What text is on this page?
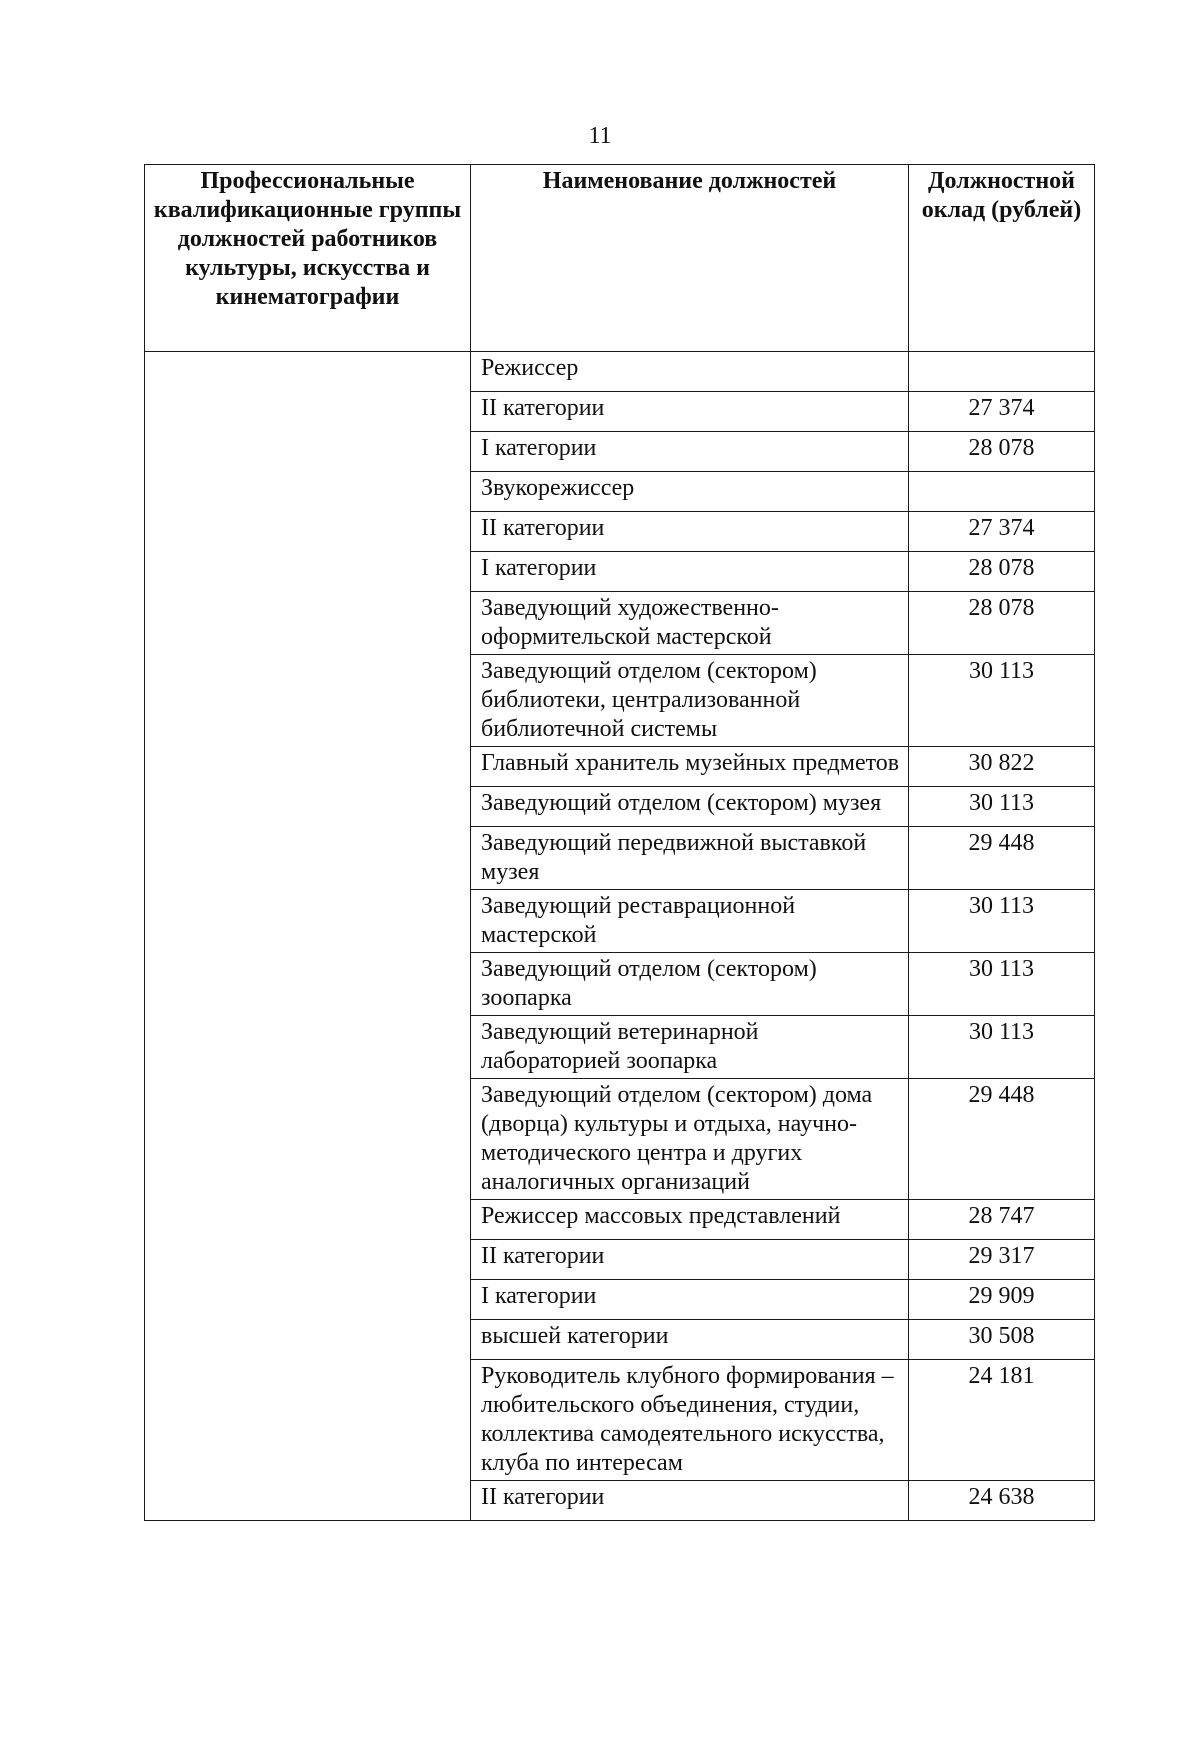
11
Профессиональные квалификационные группы должностей работников культуры, искусства и кинематографии	Наименование должностей	Должностной оклад (рублей)
	Режиссер	
	II категории	27 374
	I категории	28 078
	Звукорежиссер	
	II категории	27 374
	I категории	28 078
	Заведующий художественно-оформительской мастерской	28 078
	Заведующий отделом (сектором) библиотеки, централизованной библиотечной системы	30 113
	Главный хранитель музейных предметов	30 822
	Заведующий отделом (сектором) музея	30 113
	Заведующий передвижной выставкой музея	29 448
	Заведующий реставрационной мастерской	30 113
	Заведующий отделом (сектором) зоопарка	30 113
	Заведующий ветеринарной лабораторией зоопарка	30 113
	Заведующий отделом (сектором) дома (дворца) культуры и отдыха, научно-методического центра и других аналогичных организаций	29 448
	Режиссер массовых представлений	28 747
	II категории	29 317
	I категории	29 909
	высшей категории	30 508
	Руководитель клубного формирования – любительского объединения, студии, коллектива самодеятельного искусства, клуба по интересам	24 181
	II категории	24 638
